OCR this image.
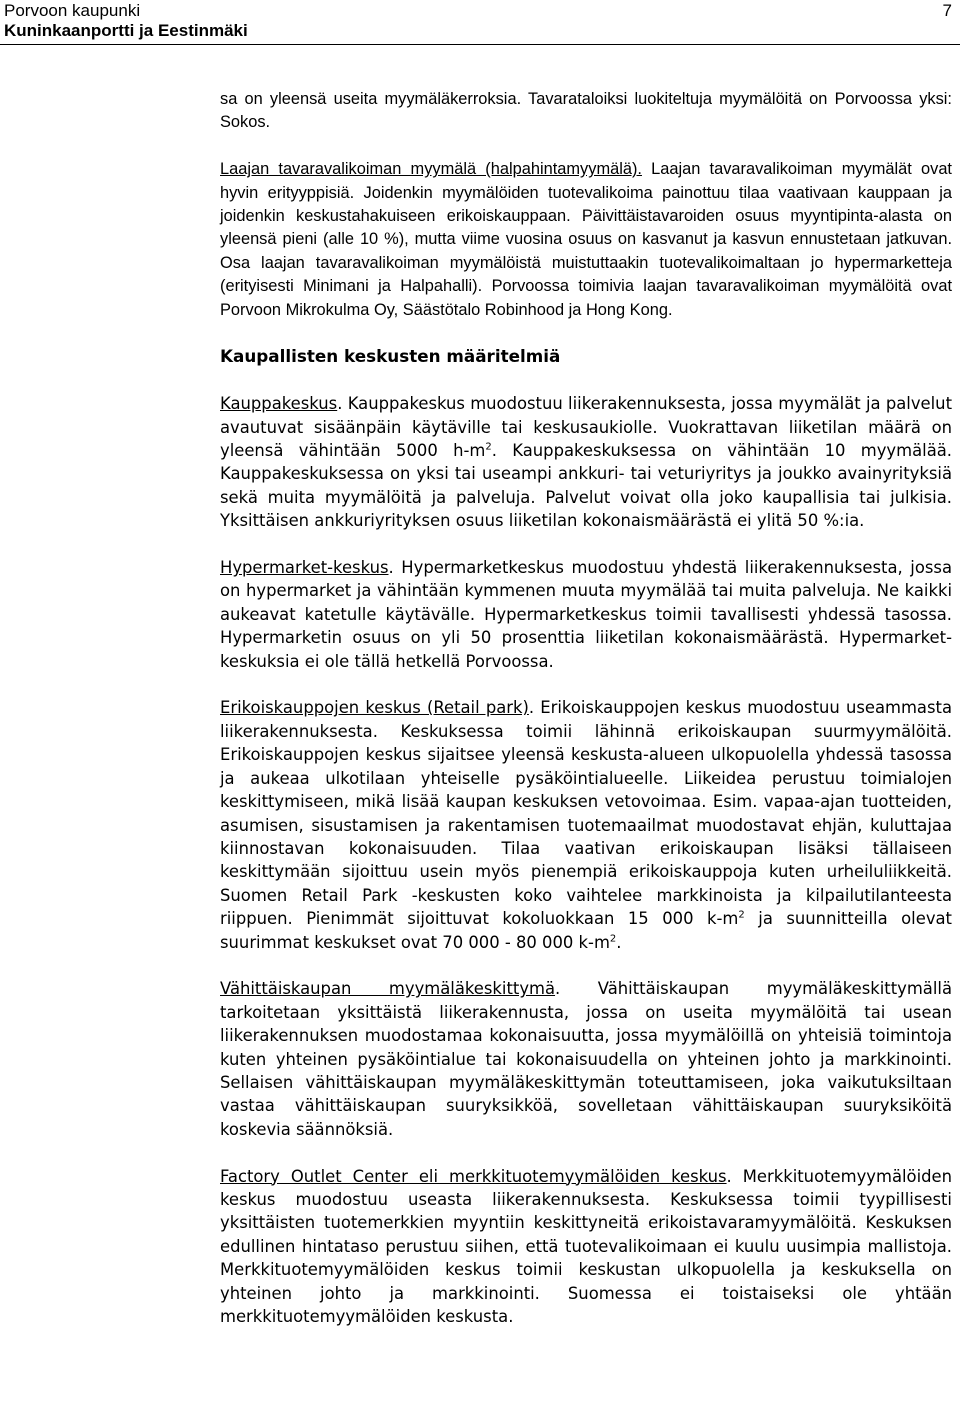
Porvoon kaupunki
Kuninkaanportti ja Eestinmäki
7

sa on yleensä useita myymäläkerroksia. Tavarataloiksi luokiteltuja myymälöitä on Porvoossa yksi: Sokos.

Laajan tavaravalikoiman myymälä (halpahintamyymälä). Laajan tavaravalikoiman myymälät ovat hyvin erityyppisiä. Joidenkin myymälöiden tuotevalikoima painottuu tilaa vaativaan kauppaan ja joidenkin keskustahakuiseen erikoiskauppaan. Päivittäistavaroiden osuus myyntipinta-alasta on yleensä pieni (alle 10 %), mutta viime vuosina osuus on kasvanut ja kasvun ennustetaan jatkuvan. Osa laajan tavaravalikoiman myymälöistä muistuttaakin tuotevalikoimaltaan jo hypermarketteja (erityisesti Minimani ja Halpahalli). Porvoossa toimivia laajan tavaravalikoiman myymälöitä ovat Porvoon Mikrokulma Oy, Säästötalo Robinhood ja Hong Kong.

Kaupallisten keskusten määritelmiä

Kauppakeskus. Kauppakeskus muodostuu liikerakennuksesta, jossa myymälät ja palvelut avautuvat sisäänpäin käytäville tai keskusaukiolle. Vuokrattavan liiketilan määrä on yleensä vähintään 5000 $h-m^2$. Kauppakeskuksessa on vähintään 10 myymälää. Kauppakeskuksessa on yksi tai useampi ankkuri- tai veturiyritys ja joukko avainyrityksiä sekä muita myymälöitä ja palveluja. Palvelut voivat olla joko kaupallisia tai julkisia. Yksittäisen ankkuriyrityksen osuus liiketilan kokonaismäärästä ei ylitä 50 %:ia.

Hypermarket-keskus. Hypermarketkeskus muodostuu yhdestä liikerakennuksesta, jossa on hypermarket ja vähintään kymmenen muuta myymälää tai muita palveluja. Ne kaikki aukeavat katetulle käytävälle. Hypermarketkeskus toimii tavallisesti yhdessä tasossa. Hypermarketin osuus on yli 50 prosenttia liiketilan kokonaismäärästä. Hypermarket-keskuksia ei ole tällä hetkellä Porvoossa.

Erikoiskauppojen keskus (Retail park). Erikoiskauppojen keskus muodostuu useammasta liikerakennuksesta. Keskuksessa toimii lähinnä erikoiskaupan suurmyymälöitä. Erikoiskauppojen keskus sijaitsee yleensä keskusta-alueen ulkopuolella yhdessä tasossa ja aukeaa ulkotilaan yhteiselle pysäköintialueelle. Liikeidea perustuu toimialojen keskittymiseen, mikä lisää kaupan keskuksen vetovoimaa. Esim. vapaa-ajan tuotteiden, asumisen, sisustamisen ja rakentamisen tuotemaailmat muodostavat ehjän, kuluttajaa kiinnostavan kokonaisuuden. Tilaa vaativan erikoiskaupan lisäksi tällaiseen keskittymään sijoittuu usein myös pienempiä erikoiskauppoja kuten urheiluliikkeitä. Suomen Retail Park -keskusten koko vaihtelee markkinoista ja kilpailutilanteesta riippuen. Pienimmät sijoittuvat kokoluokkaan 15 000 $k-m^2$ ja suunnitteilla olevat suurimmat keskukset ovat 70 000 - 80 000 $k-m^2$.

Vähittäiskaupan myymäläkeskittymä. Vähittäiskaupan myymäläkeskittymällä tarkoitetaan yksittäistä liikerakennusta, jossa on useita myymälöitä tai usean liikerakennuksen muodostamaa kokonaisuutta, jossa myymälöillä on yhteisiä toimintoja kuten yhteinen pysäköintialue tai kokonaisuudella on yhteinen johto ja markkinointi. Sellaisen vähittäiskaupan myymäläkeskittymän toteuttamiseen, joka vaikutuksiltaan vastaa vähittäiskaupan suuryksikköä, sovelletaan vähittäiskaupan suuryksiköitä koskevia säännöksiä.

Factory Outlet Center eli merkkituotemyymälöiden keskus. Merkkituotemyymälöiden keskus muodostuu useasta liikerakennuksesta. Keskuksessa toimii tyypillisesti yksittäisten tuotemerkkien myyntiin keskittyneitä erikoistavaramyymälöitä. Keskuksen edullinen hintataso perustuu siihen, että tuotevalikoimaan ei kuulu uusimpia mallistoja. Merkkituotemyymälöiden keskus toimii keskustan ulkopuolella ja keskuksella on yhteinen johto ja markkinointi. Suomessa ei toistaiseksi ole yhtään merkkituotemyymälöiden keskusta.
